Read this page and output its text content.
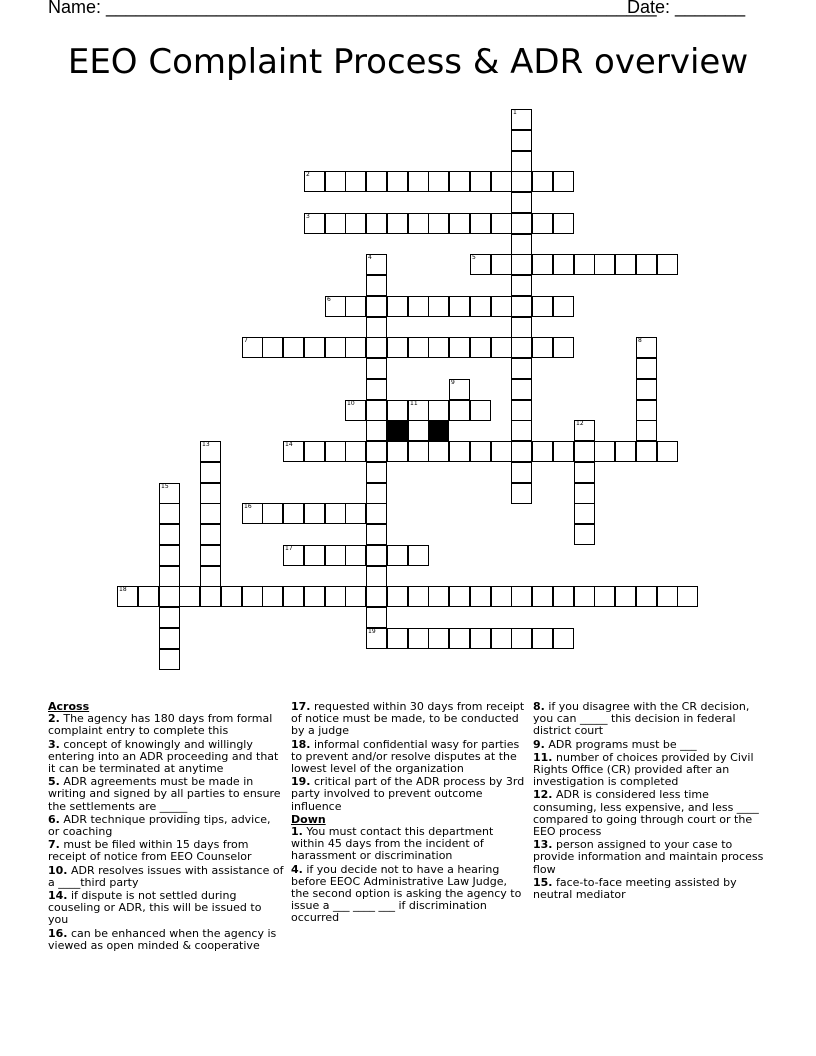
Name: _______________________________________________________
Date: _______
EEO Complaint Process & ADR overview
2
3
5
6
7
10	11
14
16
17
18
19
1
4
8
9
12
13
15
Across
2. The agency has 180 days from formal complaint entry to complete this
3. concept of knowingly and willingly entering into an ADR proceeding and that it can be terminated at anytime
5. ADR agreements must be made in writing and signed by all parties to ensure the settlements are _____
6. ADR technique providing tips, advice, or coaching
7. must be filed within 15 days from receipt of notice from EEO Counselor
10. ADR resolves issues with assistance of a ____third party
14. if dispute is not settled during couseling or ADR, this will be issued to you
16. can be enhanced when the agency is viewed as open minded & cooperative
17. requested within 30 days from receipt of notice must be made, to be conducted by a judge
18. informal confidential wasy for parties to prevent and/or resolve disputes at the lowest level of the organization
19. critical part of the ADR process by 3rd party involved to prevent outcome influence
Down
1. You must contact this department within 45 days from the incident of harassment or discrimination
4. if you decide not to have a hearing before EEOC Administrative Law Judge, the second option is asking the agency to issue a ___ ____ ___ if discrimination occurred
8. if you disagree with the CR decision, you can _____ this decision in federal district court
9. ADR programs must be ___
11. number of choices provided by Civil Rights Office (CR) provided after an investigation is completed
12. ADR is considered less time consuming, less expensive, and less ____ compared to going through court or the EEO process
13. person assigned to your case to provide information and maintain process flow
15. face-to-face meeting assisted by neutral mediator
